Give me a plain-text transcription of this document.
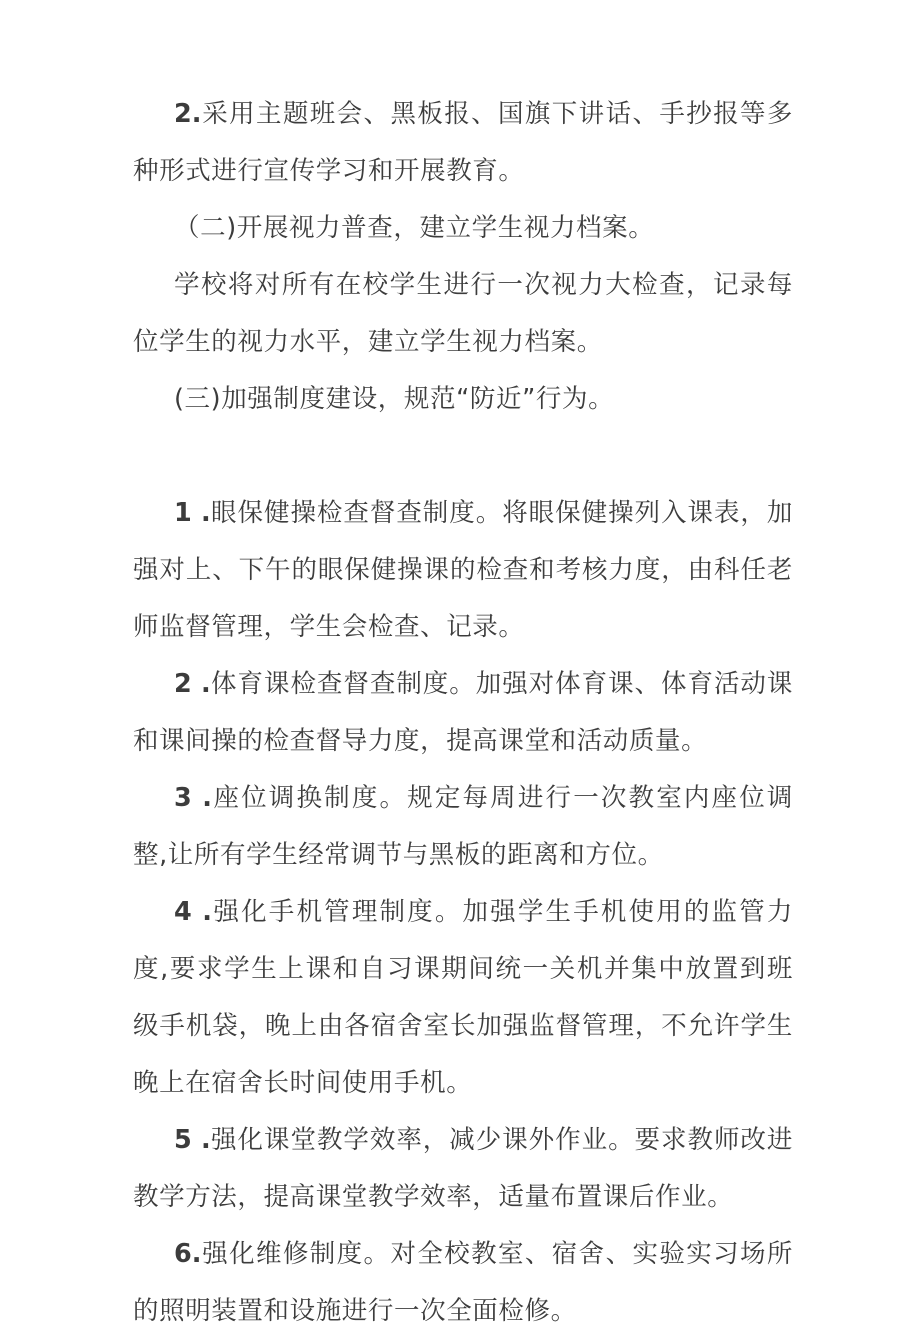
2.采用主题班会、黑板报、国旗下讲话、手抄报等多种形式进行宣传学习和开展教育。

（二)开展视力普查，建立学生视力档案。

学校将对所有在校学生进行一次视力大检查，记录每位学生的视力水平，建立学生视力档案。

(三)加强制度建设，规范“防近”行为。

1 .眼保健操检查督查制度。将眼保健操列入课表，加强对上、下午的眼保健操课的检查和考核力度，由科任老师监督管理，学生会检查、记录。

2 .体育课检查督查制度。加强对体育课、体育活动课和课间操的检查督导力度，提高课堂和活动质量。

3 .座位调换制度。规定每周进行一次教室内座位调整,让所有学生经常调节与黑板的距离和方位。

4 .强化手机管理制度。加强学生手机使用的监管力度,要求学生上课和自习课期间统一关机并集中放置到班级手机袋，晚上由各宿舍室长加强监督管理，不允许学生晚上在宿舍长时间使用手机。

5 .强化课堂教学效率，减少课外作业。要求教师改进教学方法，提高课堂教学效率，适量布置课后作业。

6.强化维修制度。对全校教室、宿舍、实验实习场所的照明装置和设施进行一次全面检修。
